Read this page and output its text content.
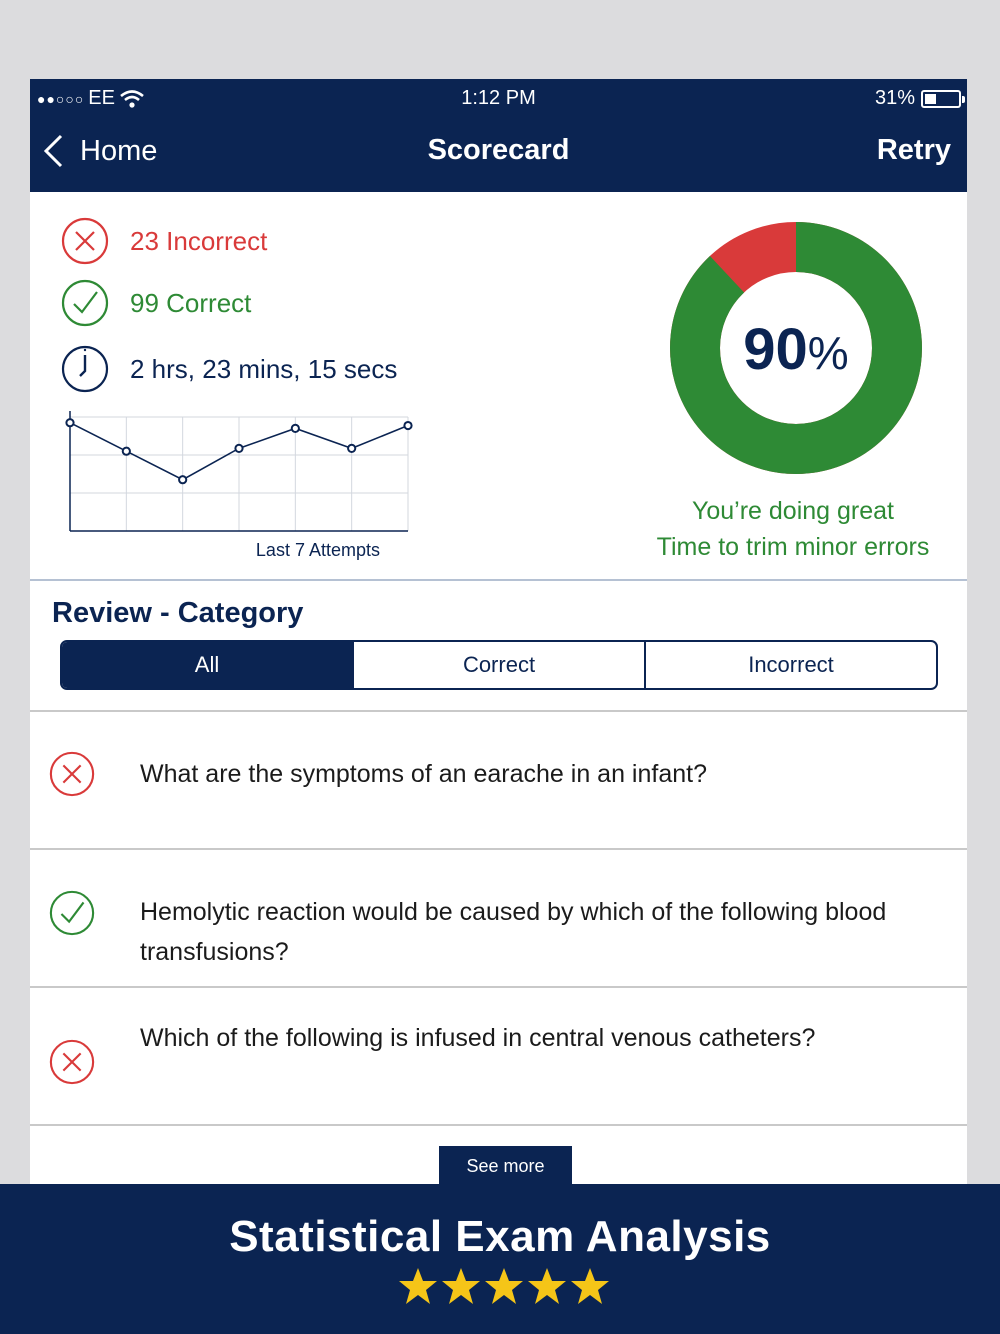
●●○○○ EE	1:12 PM	31%
Home	Scorecard	Retry
23 Incorrect
99 Correct
2 hrs, 23 mins, 15 secs
Last 7 Attempts
90%
You’re doing great
Time to trim minor errors
Review - Category
All	Correct	Incorrect
What are the symptoms of an earache in an infant?
Hemolytic reaction would be caused by which of the following blood transfusions?
Which of the following is infused in central venous catheters?
See more
Statistical Exam Analysis
